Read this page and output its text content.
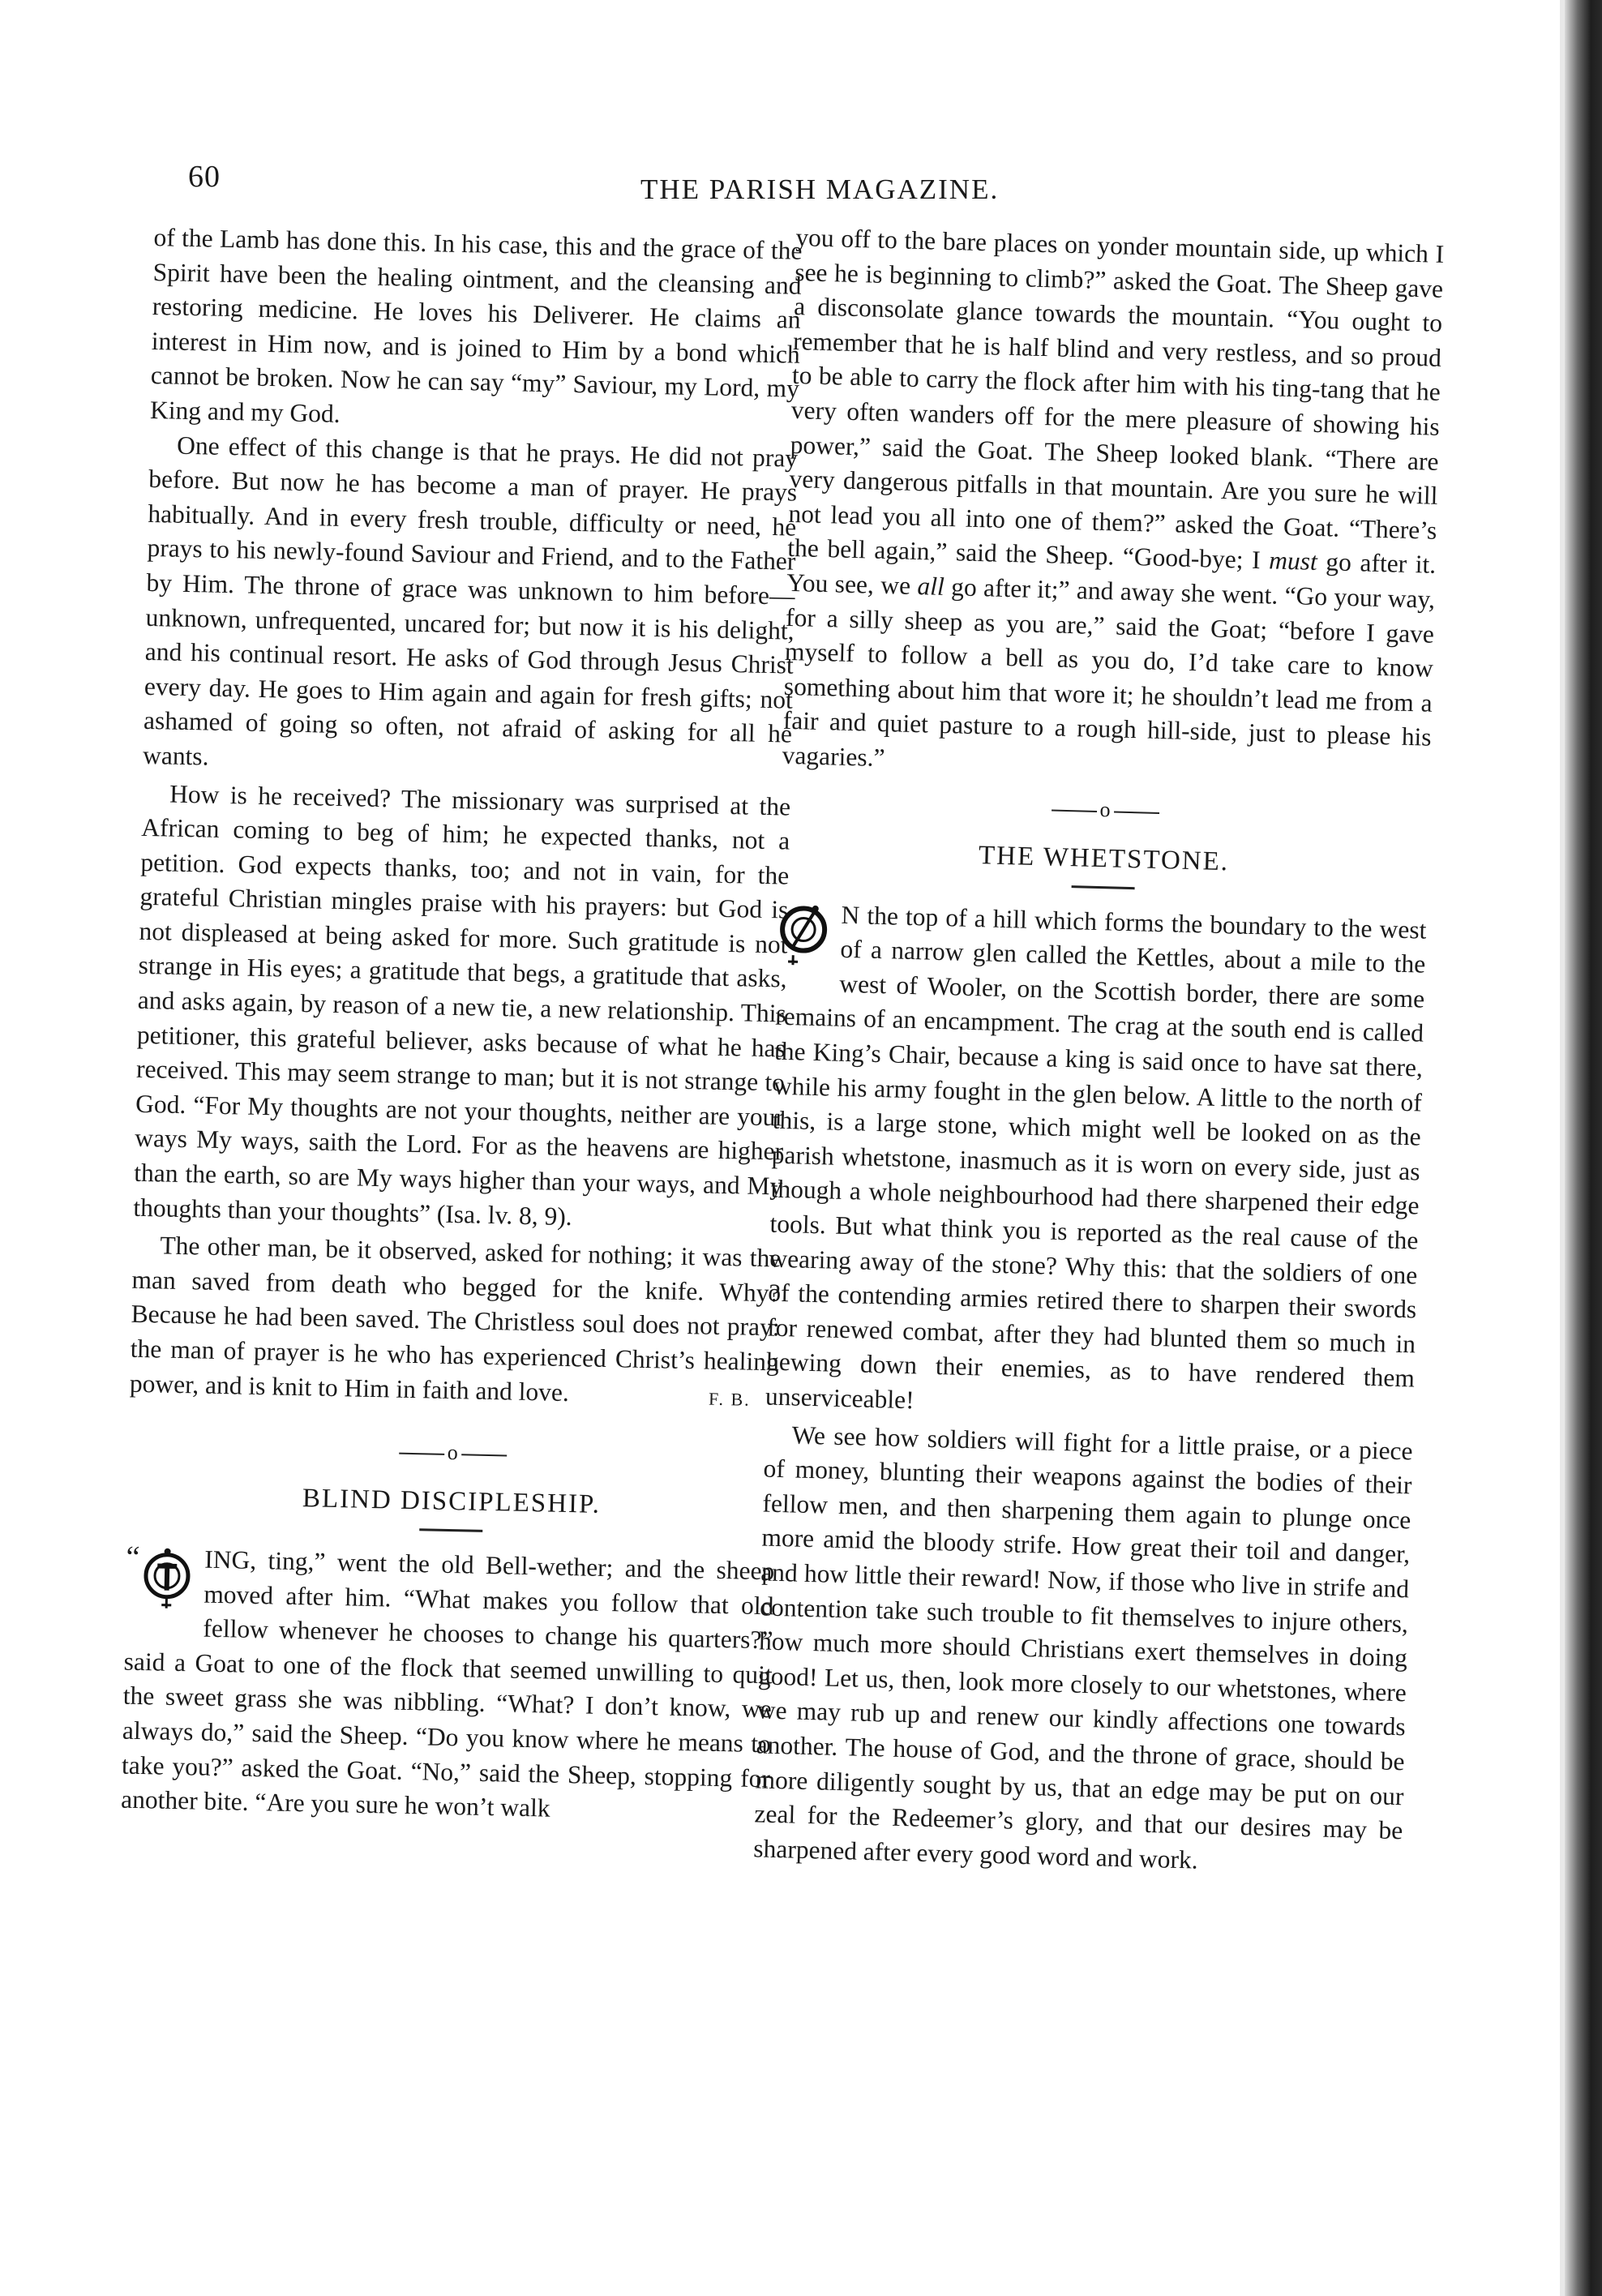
60	THE PARISH MAGAZINE.

of the Lamb has done this. In his case, this and the grace of the Spirit have been the healing ointment, and the cleansing and restoring medicine. He loves his Deliverer. He claims an interest in Him now, and is joined to Him by a bond which cannot be broken. Now he can say “my” Saviour, my Lord, my King and my God.

One effect of this change is that he prays. He did not pray before. But now he has become a man of prayer. He prays habitually. And in every fresh trouble, difficulty or need, he prays to his newly-found Saviour and Friend, and to the Father by Him. The throne of grace was unknown to him before—unknown, unfrequented, uncared for; but now it is his delight, and his continual resort. He asks of God through Jesus Christ every day. He goes to Him again and again for fresh gifts; not ashamed of going so often, not afraid of asking for all he wants.

How is he received? The missionary was surprised at the African coming to beg of him; he expected thanks, not a petition. God expects thanks, too; and not in vain, for the grateful Christian mingles praise with his prayers: but God is not displeased at being asked for more. Such gratitude is not strange in His eyes; a gratitude that begs, a gratitude that asks, and asks again, by reason of a new tie, a new relationship. This petitioner, this grateful believer, asks because of what he has received. This may seem strange to man; but it is not strange to God. “For My thoughts are not your thoughts, neither are your ways My ways, saith the Lord. For as the heavens are higher than the earth, so are My ways higher than your ways, and My thoughts than your thoughts” (Isa. lv. 8, 9).

The other man, be it observed, asked for nothing; it was the man saved from death who begged for the knife. Why? Because he had been saved. The Christless soul does not pray: the man of prayer is he who has experienced Christ’s healing power, and is knit to Him in faith and love.	F. B.
o
BLIND DISCIPLESHIP.

“	ING, ting,” went the old Bell-wether; and the sheep moved after him. “What makes you follow that old fellow whenever he chooses to change his quarters?” said a Goat to one of the flock that seemed unwilling to quit the sweet grass she was nibbling. “What? I don’t know, we always do,” said the Sheep. “Do you know where he means to take you?” asked the Goat. “No,” said the Sheep, stopping for another bite. “Are you sure he won’t walk

you off to the bare places on yonder mountain side, up which I see he is beginning to climb?” asked the Goat. The Sheep gave a disconsolate glance towards the mountain. “You ought to remember that he is half blind and very restless, and so proud to be able to carry the flock after him with his ting-tang that he very often wanders off for the mere pleasure of showing his power,” said the Goat. The Sheep looked blank. “There are very dangerous pitfalls in that mountain. Are you sure he will not lead you all into one of them?” asked the Goat. “There’s the bell again,” said the Sheep. “Good-bye; I must go after it. You see, we all go after it;” and away she went. “Go your way, for a silly sheep as you are,” said the Goat; “before I gave myself to follow a bell as you do, I’d take care to know something about him that wore it; he shouldn’t lead me from a fair and quiet pasture to a rough hill-side, just to please his vagaries.”

o
THE WHETSTONE.

N the top of a hill which forms the boundary to the west of a narrow glen called the Kettles, about a mile to the west of Wooler, on the Scottish border, there are some remains of an encampment. The crag at the south end is called the King’s Chair, because a king is said once to have sat there, while his army fought in the glen below. A little to the north of this, is a large stone, which might well be looked on as the parish whetstone, inasmuch as it is worn on every side, just as though a whole neighbourhood had there sharpened their edge tools. But what think you is reported as the real cause of the wearing away of the stone? Why this: that the soldiers of one of the contending armies retired there to sharpen their swords for renewed combat, after they had blunted them so much in hewing down their enemies, as to have rendered them unserviceable!

We see how soldiers will fight for a little praise, or a piece of money, blunting their weapons against the bodies of their fellow men, and then sharpening them again to plunge once more amid the bloody strife. How great their toil and danger, and how little their reward! Now, if those who live in strife and contention take such trouble to fit themselves to injure others, how much more should Christians exert themselves in doing good! Let us, then, look more closely to our whetstones, where we may rub up and renew our kindly affections one towards another. The house of God, and the throne of grace, should be more diligently sought by us, that an edge may be put on our zeal for the Redeemer’s glory, and that our desires may be sharpened after every good word and work.
